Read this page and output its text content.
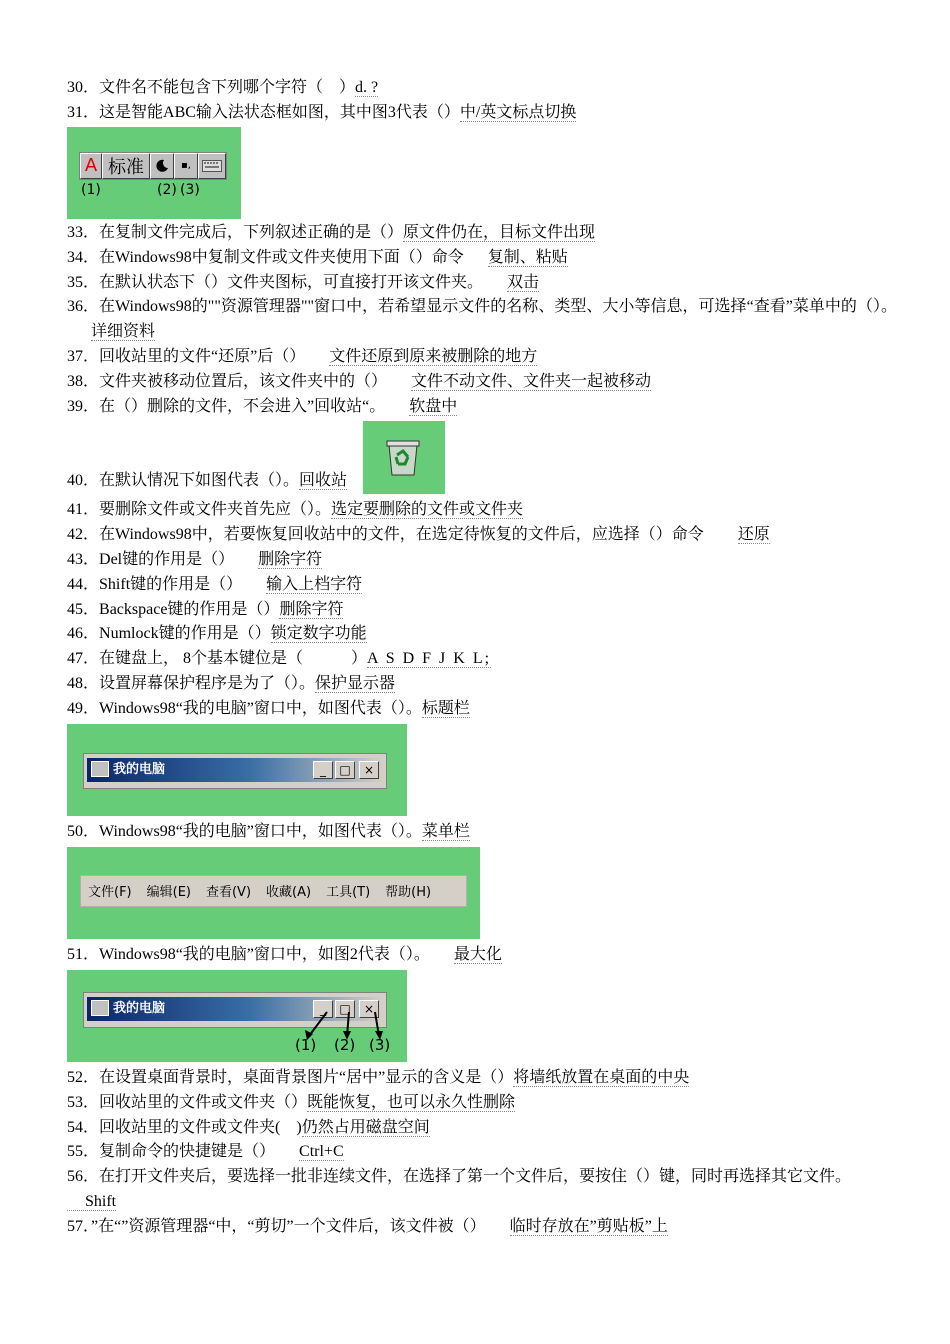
30．文件名不能包含下列哪个字符（　）d. ?
31．这是智能ABC输入法状态框如图，其中图3代表（）中/英文标点切换
A 标准	▪,
(1)	(2) (3)
33．在复制文件完成后，下列叙述正确的是（）原文件仍在，目标文件出现
34．在Windows98中复制文件或文件夹使用下面（）命令 复制、粘贴
35．在默认状态下（）文件夹图标，可直接打开该文件夹。 双击
36．在Windows98的""资源管理器""窗口中，若希望显示文件的名称、类型、大小等信息，可选择“查看”菜单中的（）。详细资料
37．回收站里的文件“还原”后（） 文件还原到原来被删除的地方
38．文件夹被移动位置后，该文件夹中的（） 文件不动文件、文件夹一起被移动
39．在（）删除的文件，不会进入”回收站“。 软盘中
40．在默认情况下如图代表（）。回收站
41．要删除文件或文件夹首先应（）。选定要删除的文件或文件夹
42．在Windows98中，若要恢复回收站中的文件，在选定待恢复的文件后，应选择（）命令 还原
43．Del键的作用是（） 删除字符
44．Shift键的作用是（） 输入上档字符
45．Backspace键的作用是（）删除字符
46．Numlock键的作用是（）锁定数字功能
47．在键盘上， 8个基本键位是（　　　）A S D F J K L;
48．设置屏幕保护程序是为了（）。保护显示器
49．Windows98“我的电脑”窗口中，如图代表（）。标题栏
我的电脑	_	□	×
50．Windows98“我的电脑”窗口中，如图代表（）。菜单栏
文件(F)	编辑(E)	查看(V)	收藏(A)	工具(T)	帮助(H)
51．Windows98“我的电脑”窗口中，如图2代表（）。 最大化
我的电脑	_	□	×
(1) (2) (3)
52．在设置桌面背景时，桌面背景图片“居中”显示的含义是（）将墙纸放置在桌面的中央
53．回收站里的文件或文件夹（）既能恢复，也可以永久性删除
54．回收站里的文件或文件夹(　)仍然占用磁盘空间
55．复制命令的快捷键是（） Ctrl+C
56．在打开文件夹后，要选择一批非连续文件，在选择了第一个文件后，要按住（）键，同时再选择其它文件。
Shift
57．”在“”资源管理器“中，“剪切”一个文件后，该文件被（） 临时存放在”剪贴板”上
